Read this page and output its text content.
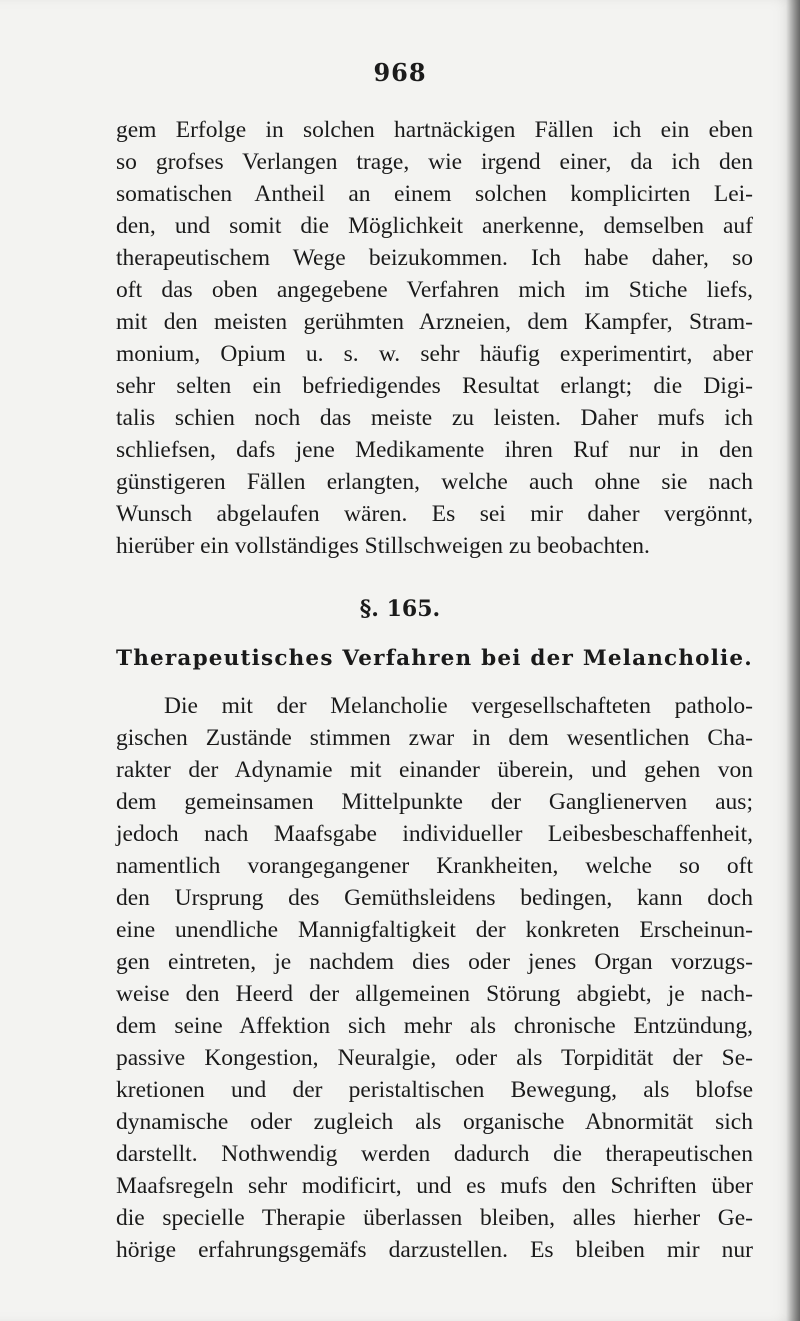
968
gem Erfolge in solchen hartnäckigen Fällen ich ein eben
so grofses Verlangen trage, wie irgend einer, da ich den
somatischen Antheil an einem solchen komplicirten Lei-
den, und somit die Möglichkeit anerkenne, demselben auf
therapeutischem Wege beizukommen. Ich habe daher, so
oft das oben angegebene Verfahren mich im Stiche liefs,
mit den meisten gerühmten Arzneien, dem Kampfer, Stram-
monium, Opium u. s. w. sehr häufig experimentirt, aber
sehr selten ein befriedigendes Resultat erlangt; die Digi-
talis schien noch das meiste zu leisten. Daher mufs ich
schliefsen, dafs jene Medikamente ihren Ruf nur in den
günstigeren Fällen erlangten, welche auch ohne sie nach
Wunsch abgelaufen wären. Es sei mir daher vergönnt,
hierüber ein vollständiges Stillschweigen zu beobachten.
§. 165.
Therapeutisches Verfahren bei der Melancholie.
Die mit der Melancholie vergesellschafteten patholo-
gischen Zustände stimmen zwar in dem wesentlichen Cha-
rakter der Adynamie mit einander überein, und gehen von
dem gemeinsamen Mittelpunkte der Ganglienerven aus;
jedoch nach Maafsgabe individueller Leibesbeschaffenheit,
namentlich vorangegangener Krankheiten, welche so oft
den Ursprung des Gemüthsleidens bedingen, kann doch
eine unendliche Mannigfaltigkeit der konkreten Erscheinun-
gen eintreten, je nachdem dies oder jenes Organ vorzugs-
weise den Heerd der allgemeinen Störung abgiebt, je nach-
dem seine Affektion sich mehr als chronische Entzündung,
passive Kongestion, Neuralgie, oder als Torpidität der Se-
kretionen und der peristaltischen Bewegung, als blofse
dynamische oder zugleich als organische Abnormität sich
darstellt. Nothwendig werden dadurch die therapeutischen
Maafsregeln sehr modificirt, und es mufs den Schriften über
die specielle Therapie überlassen bleiben, alles hierher Ge-
hörige erfahrungsgemäfs darzustellen. Es bleiben mir nur
